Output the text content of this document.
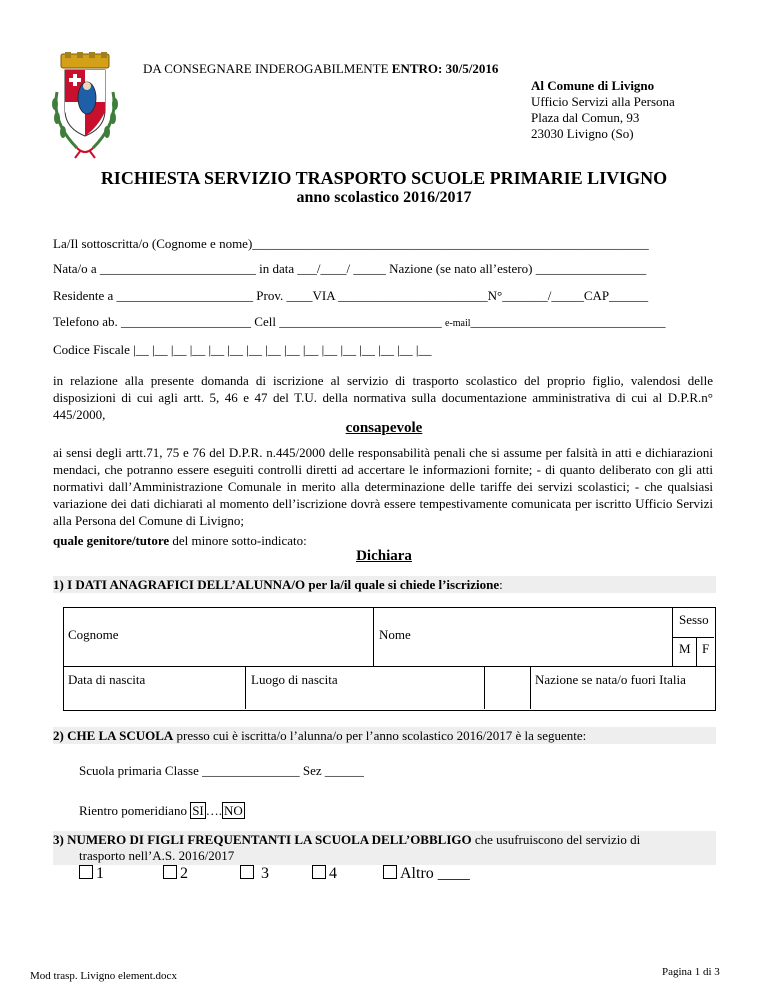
DA CONSEGNARE INDEROGABILMENTE ENTRO: 30/5/2016
Al Comune di Livigno
Ufficio Servizi alla Persona
Plaza dal Comun, 93
23030 Livigno (So)
RICHIESTA SERVIZIO TRASPORTO SCUOLE PRIMARIE LIVIGNO
anno scolastico 2016/2017
La/Il sottoscritta/o (Cognome e nome)_____________________________________________________________
Nata/o a ________________________ in data ___/____/ _____ Nazione (se nato all’estero) _________________
Residente a _____________________ Prov. ____VIA _______________________N°_______/_____CAP______
Telefono ab. ____________________ Cell _________________________ e-mail______________________________
Codice Fiscale |__ |__ |__ |__ |__ |__ |__ |__ |__ |__ |__ |__ |__ |__ |__ |__
in relazione alla presente domanda di iscrizione al servizio di trasporto scolastico del proprio figlio, valendosi delle disposizioni di cui agli artt. 5, 46 e 47 del T.U. della normativa sulla documentazione amministrativa di cui al D.P.R.n° 445/2000,
consapevole
ai sensi degli artt.71, 75 e 76 del D.P.R. n.445/2000 delle responsabilità penali che si assume per falsità in atti e dichiarazioni mendaci, che potranno essere eseguiti controlli diretti ad accertare le informazioni fornite; - di quanto deliberato con gli atti normativi dall’Amministrazione Comunale in merito alla determinazione delle tariffe dei servizi scolastici; - che qualsiasi variazione dei dati dichiarati al momento dell’iscrizione dovrà essere tempestivamente comunicata per iscritto Ufficio Servizi alla Persona del Comune di Livigno;
quale genitore/tutore del minore sotto-indicato:
Dichiara
1) I DATI ANAGRAFICI DELL’ALUNNA/O per la/il quale si chiede l’iscrizione:
Cognome	Nome
Sesso
M F
Data di nascita	Luogo di nascita	Nazione se nata/o fuori Italia
2) CHE LA SCUOLA presso cui è iscritta/o l’alunna/o per l’anno scolastico 2016/2017 è la seguente:
Scuola primaria Classe _______________ Sez ______
Rientro pomeridiano SI …. NO
3) NUMERO DI FIGLI FREQUENTANTI LA SCUOLA DELL’OBBLIGO che usufruiscono del servizio di
trasporto nell’A.S. 2016/2017
1	2	3	4	Altro ____
Mod trasp. Livigno element.docx	Pagina 1 di 3
